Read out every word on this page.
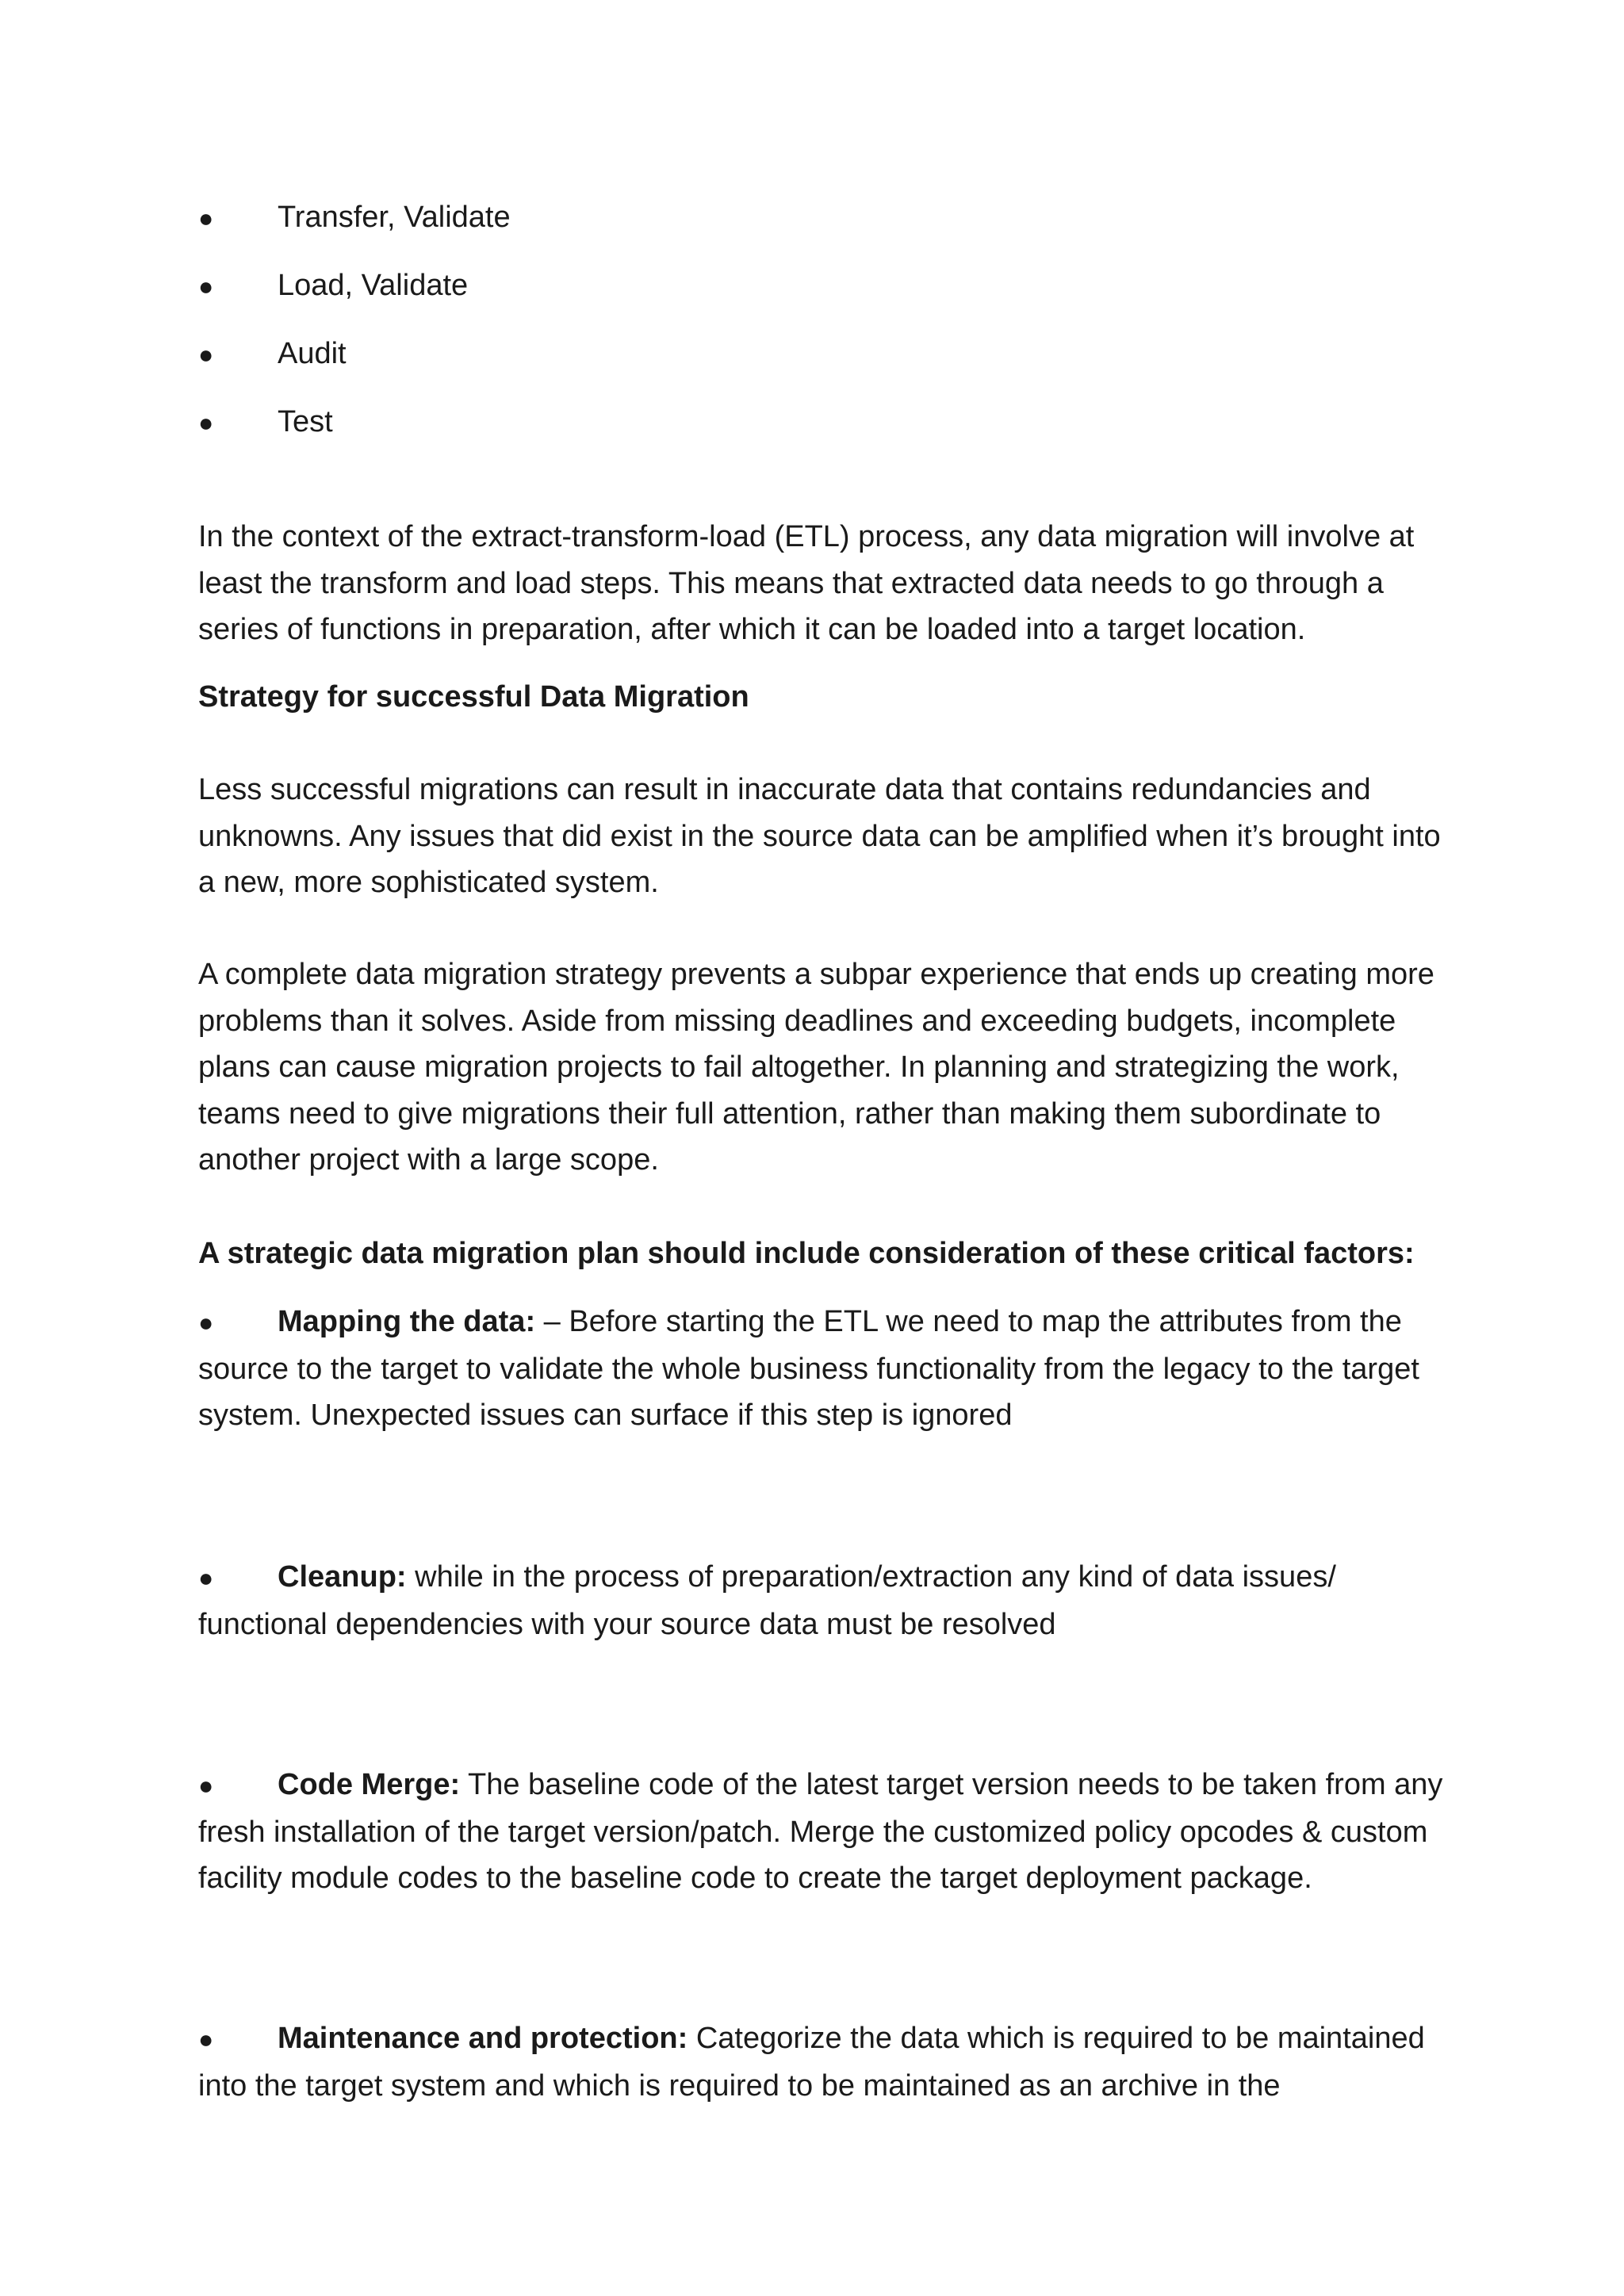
● Transfer, Validate

● Load, Validate

● Audit

● Test

In the context of the extract-transform-load (ETL) process, any data migration will involve at least the transform and load steps. This means that extracted data needs to go through a series of functions in preparation, after which it can be loaded into a target location.

Strategy for successful Data Migration

Less successful migrations can result in inaccurate data that contains redundancies and unknowns. Any issues that did exist in the source data can be amplified when it’s brought into a new, more sophisticated system.

A complete data migration strategy prevents a subpar experience that ends up creating more problems than it solves. Aside from missing deadlines and exceeding budgets, incomplete plans can cause migration projects to fail altogether. In planning and strategizing the work, teams need to give migrations their full attention, rather than making them subordinate to another project with a large scope.

A strategic data migration plan should include consideration of these critical factors:

● Mapping the data: – Before starting the ETL we need to map the attributes from the source to the target to validate the whole business functionality from the legacy to the target system. Unexpected issues can surface if this step is ignored

● Cleanup: while in the process of preparation/extraction any kind of data issues/ functional dependencies with your source data must be resolved

● Code Merge: The baseline code of the latest target version needs to be taken from any fresh installation of the target version/patch. Merge the customized policy opcodes & custom facility module codes to the baseline code to create the target deployment package.

● Maintenance and protection: Categorize the data which is required to be maintained into the target system and which is required to be maintained as an archive in the
